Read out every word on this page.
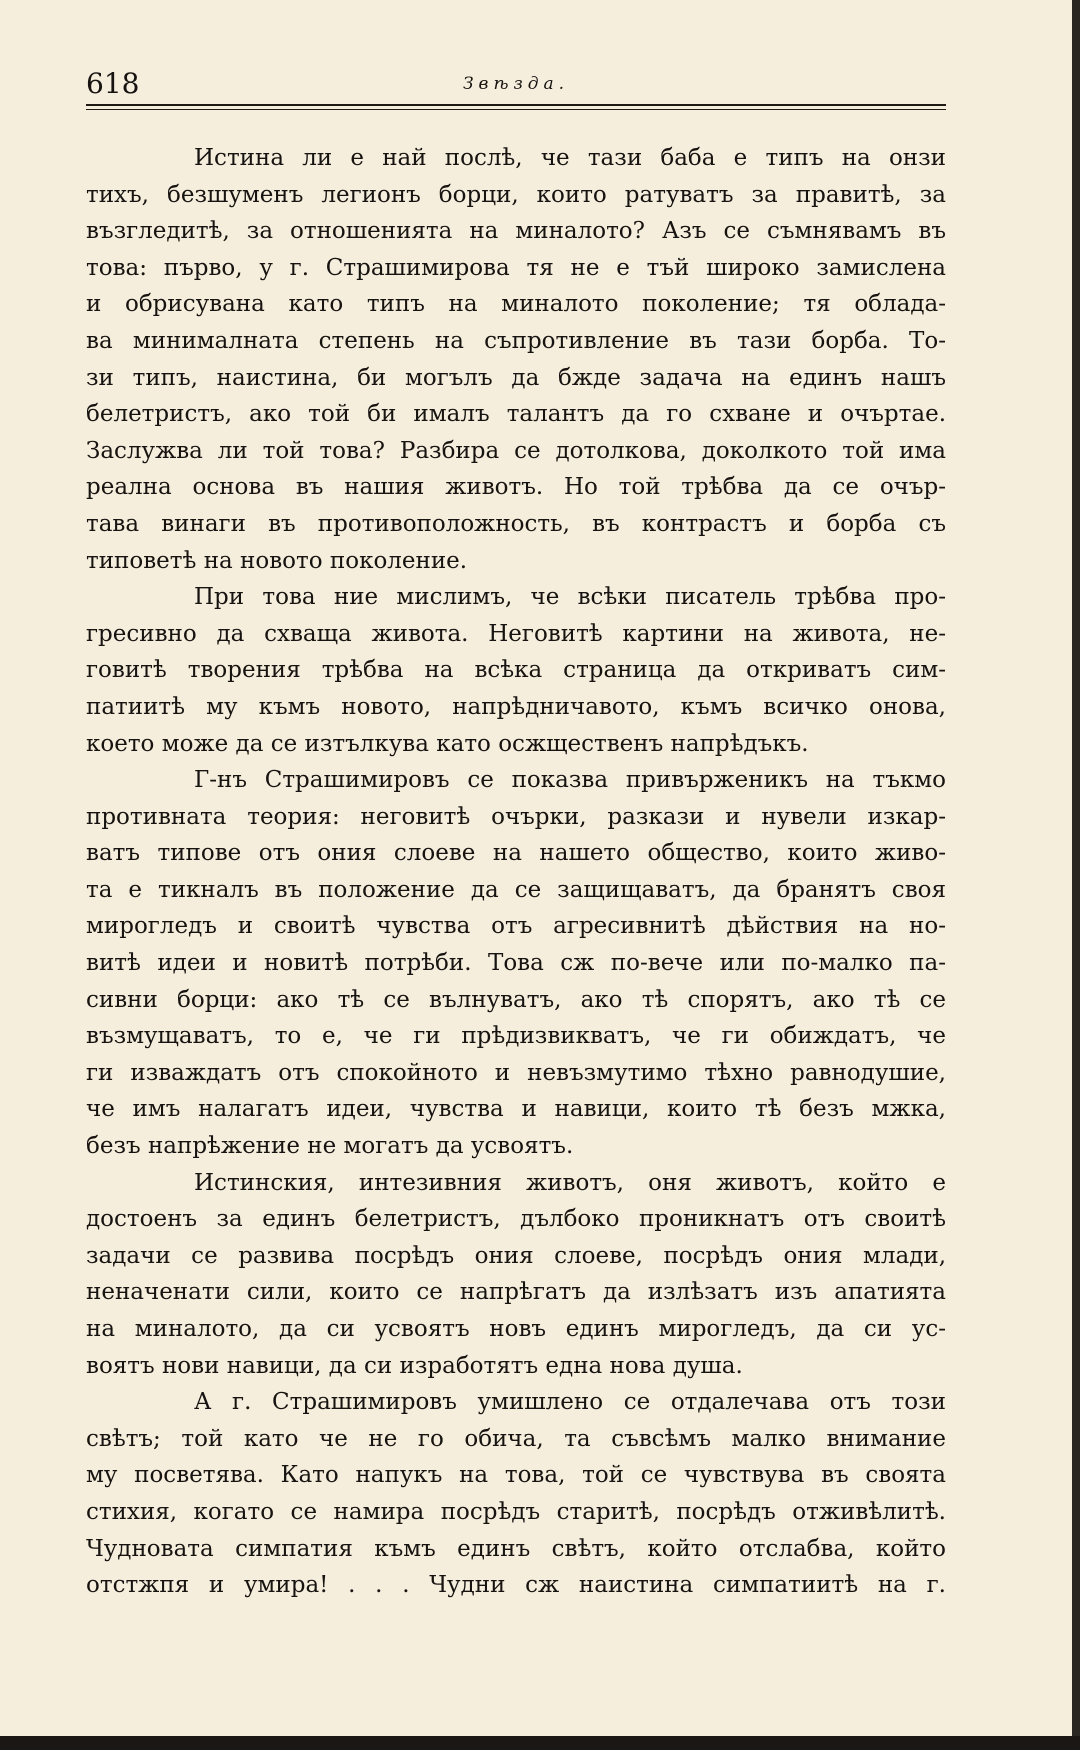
618	Звѣзда.
Истина ли е най послѣ, че тази баба е типъ на онзи
тихъ, безшуменъ легионъ борци, които ратуватъ за правитѣ, за
възгледитѣ, за отношенията на миналото? Азъ се съмнявамъ въ
това: първо, у г. Страшимирова тя не е тъй широко замислена
и обрисувана като типъ на миналото поколение; тя облада-
ва минималната степень на съпротивление въ тази борба. То-
зи типъ, наистина, би могълъ да бжде задача на единъ нашъ
белетристъ, ако той би ималъ талантъ да го схване и очъртае.
Заслужва ли той това? Разбира се дотолкова, доколкото той има
реална основа въ нашия животъ. Но той трѣбва да се очър-
тава винаги въ противоположность, въ контрастъ и борба съ
типоветѣ на новото поколение.
При това ние мислимъ, че всѣки писатель трѣбва про-
гресивно да схваща живота. Неговитѣ картини на живота, не-
говитѣ творения трѣбва на всѣка страница да откриватъ сим-
патиитѣ му къмъ новото, напрѣдничавото, къмъ всичко онова,
което може да се изтълкува като осжщественъ напрѣдъкъ.
Г-нъ Страшимировъ се показва привърженикъ на тъкмо
противната теория: неговитѣ очърки, разкази и нувели изкар-
ватъ типове отъ ония слоеве на нашето общество, които живо-
та е тикналъ въ положение да се защищаватъ, да бранятъ своя
мирогледъ и своитѣ чувства отъ агресивнитѣ дѣйствия на но-
витѣ идеи и новитѣ потрѣби. Това сж по-вече или по-малко па-
сивни борци: ако тѣ се вълнуватъ, ако тѣ спорятъ, ако тѣ се
възмущаватъ, то е, че ги прѣдизвикватъ, че ги обиждатъ, че
ги изваждатъ отъ спокойното и невъзмутимо тѣхно равнодушие,
че имъ налагатъ идеи, чувства и навици, които тѣ безъ мжка,
безъ напрѣжение не могатъ да усвоятъ.
Истинския, интезивния животъ, оня животъ, който е
достоенъ за единъ белетристъ, дълбоко проникнатъ отъ своитѣ
задачи се развива посрѣдъ ония слоеве, посрѣдъ ония млади,
неначенати сили, които се напрѣгатъ да излѣзатъ изъ апатията
на миналото, да си усвоятъ новъ единъ мирогледъ, да си ус-
воятъ нови навици, да си изработятъ една нова душа.
А г. Страшимировъ умишлено се отдалечава отъ този
свѣтъ; той като че не го обича, та съвсѣмъ малко внимание
му посветява. Като напукъ на това, той се чувствува въ своята
стихия, когато се намира посрѣдъ старитѣ, посрѣдъ отживѣлитѣ.
Чудновата симпатия къмъ единъ свѣтъ, който отслабва, който
отстжпя и умира! . . . Чудни сж наистина симпатиитѣ на г.
